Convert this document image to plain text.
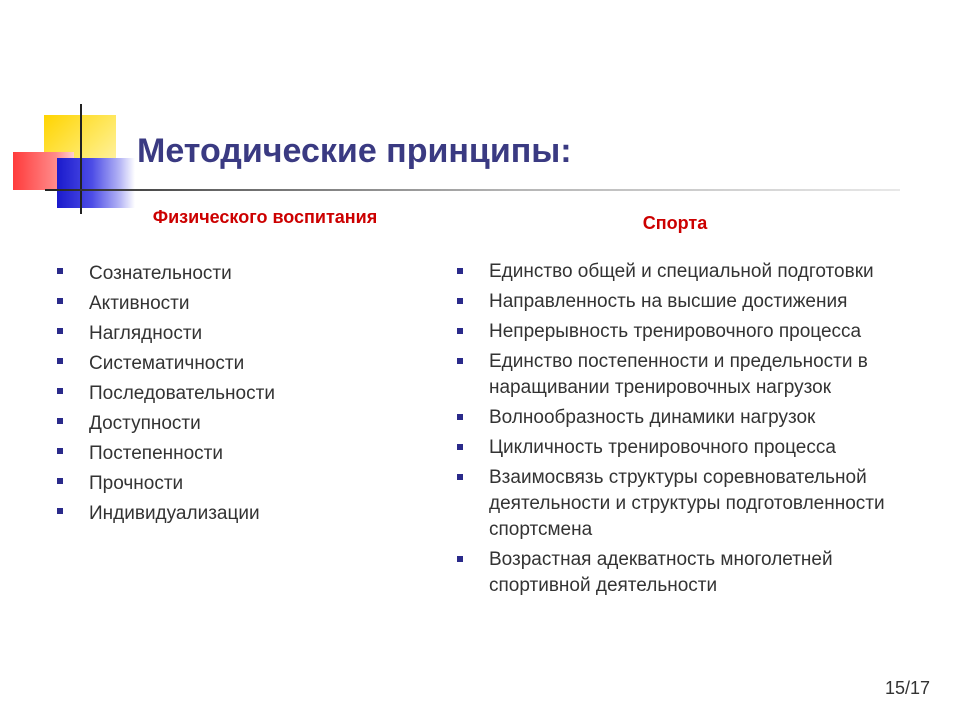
Методические принципы:
Физического воспитания	Спорта
Сознательности
Активности
Наглядности
Систематичности
Последовательности
Доступности
Постепенности
Прочности
Индивидуализации
Единство общей и специальной подготовки
Направленность на высшие достижения
Непрерывность тренировочного процесса
Единство постепенности и предельности в наращивании тренировочных нагрузок
Волнообразность динамики нагрузок
Цикличность тренировочного процесса
Взаимосвязь структуры соревновательной деятельности и структуры подготовленности спортсмена
Возрастная адекватность многолетней спортивной деятельности
15/17
